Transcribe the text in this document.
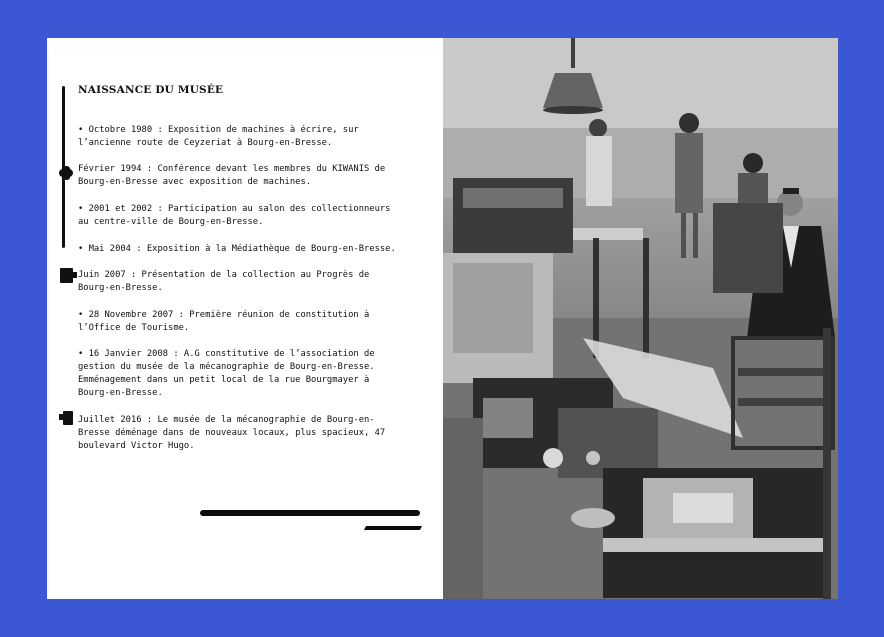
NAISSANCE DU MUSÉE
• Octobre 1980 : Exposition de machines à écrire, sur
l’ancienne route de Ceyzeriat à Bourg-en-Bresse.
Février 1994 : Conférence devant les membres du KIWANIS de
Bourg-en-Bresse avec exposition de machines.
• 2001 et 2002 : Participation au salon des collectionneurs
au centre-ville de Bourg-en-Bresse.
• Mai 2004 : Exposition à la Médiathèque de Bourg-en-Bresse.
Juin 2007 : Présentation de la collection au Progrès de
Bourg-en-Bresse.
• 28 Novembre 2007 : Première réunion de constitution à
l’Office de Tourisme.
• 16 Janvier 2008 : A.G constitutive de l’association de
gestion du musée de la mécanographie de Bourg-en-Bresse.
Emménagement dans un petit local de la rue Bourgmayer à
Bourg-en-Bresse.
Juillet 2016 : Le musée de la mécanographie de Bourg-en-
Bresse déménage dans de nouveaux locaux, plus spacieux, 47
boulevard Victor Hugo.
